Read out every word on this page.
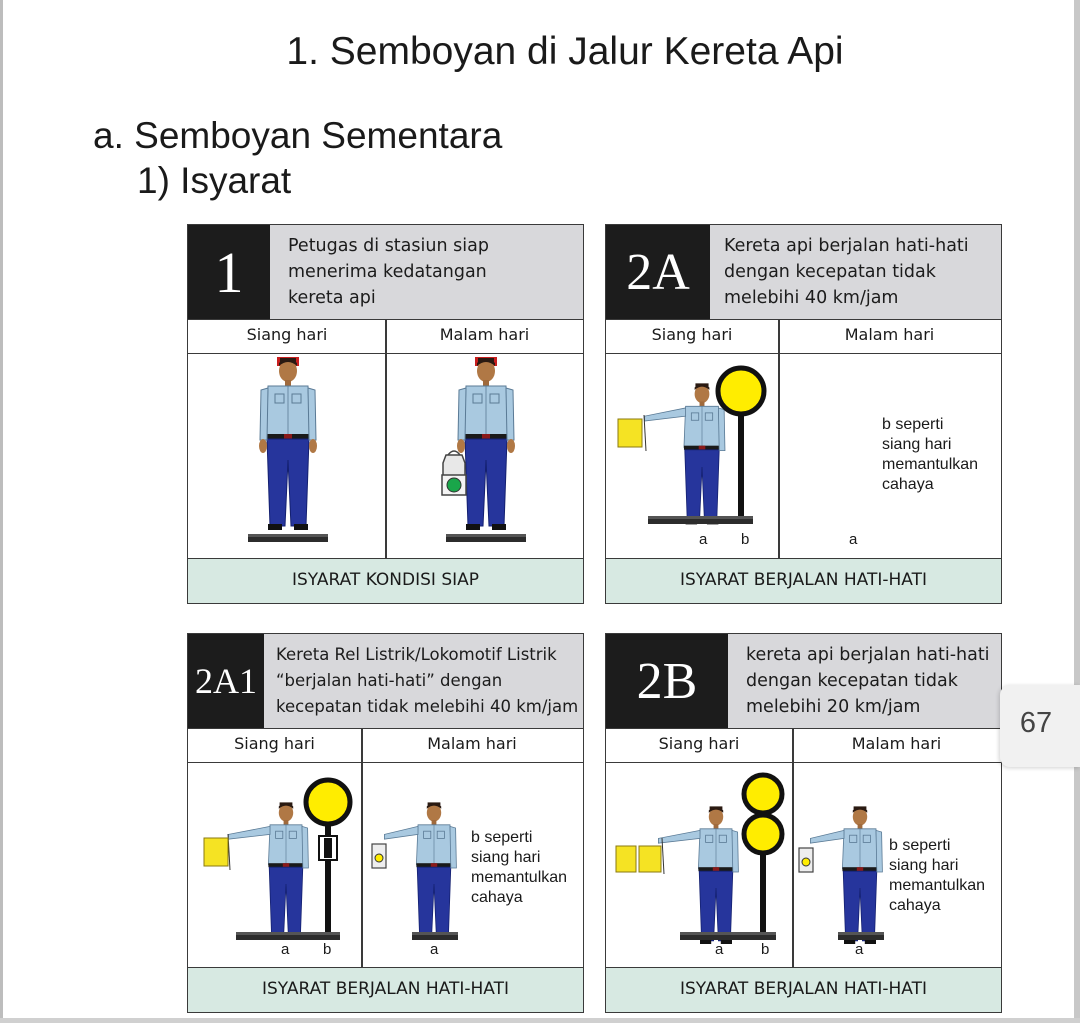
1. Semboyan di Jalur Kereta Api
a. Semboyan Sementara
1) Isyarat
1	Petugas di stasiun siap
menerima kedatangan
kereta api
Siang hari	Malam hari
ISYARAT KONDISI SIAP
2A	Kereta api berjalan hati-hati
dengan kecepatan tidak
melebihi 40 km/jam
Siang hari	Malam hari
a b	a
b seperti
siang hari
memantulkan
cahaya
ISYARAT BERJALAN HATI-HATI
2A1
Kereta Rel Listrik/Lokomotif Listrik
“berjalan hati-hati” dengan
kecepatan tidak melebihi 40 km/jam
Siang hari	Malam hari
a b	a
b seperti
siang hari
memantulkan
cahaya
ISYARAT BERJALAN HATI-HATI
2B	kereta api berjalan hati-hati
dengan kecepatan tidak
melebihi 20 km/jam
Siang hari	Malam hari
a	b	a
b seperti
siang hari
memantulkan
cahaya
ISYARAT BERJALAN HATI-HATI
67
